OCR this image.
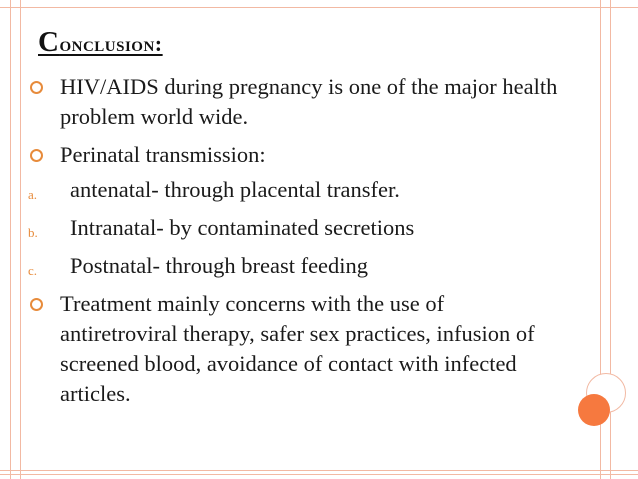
Conclusion:
HIV/AIDS during pregnancy is one of the major health problem world wide.
Perinatal transmission:
a. antenatal- through placental transfer.
b. Intranatal- by contaminated secretions
c. Postnatal- through breast feeding
Treatment mainly concerns with the use of antiretroviral therapy, safer sex practices, infusion of screened blood, avoidance of contact with infected articles.
